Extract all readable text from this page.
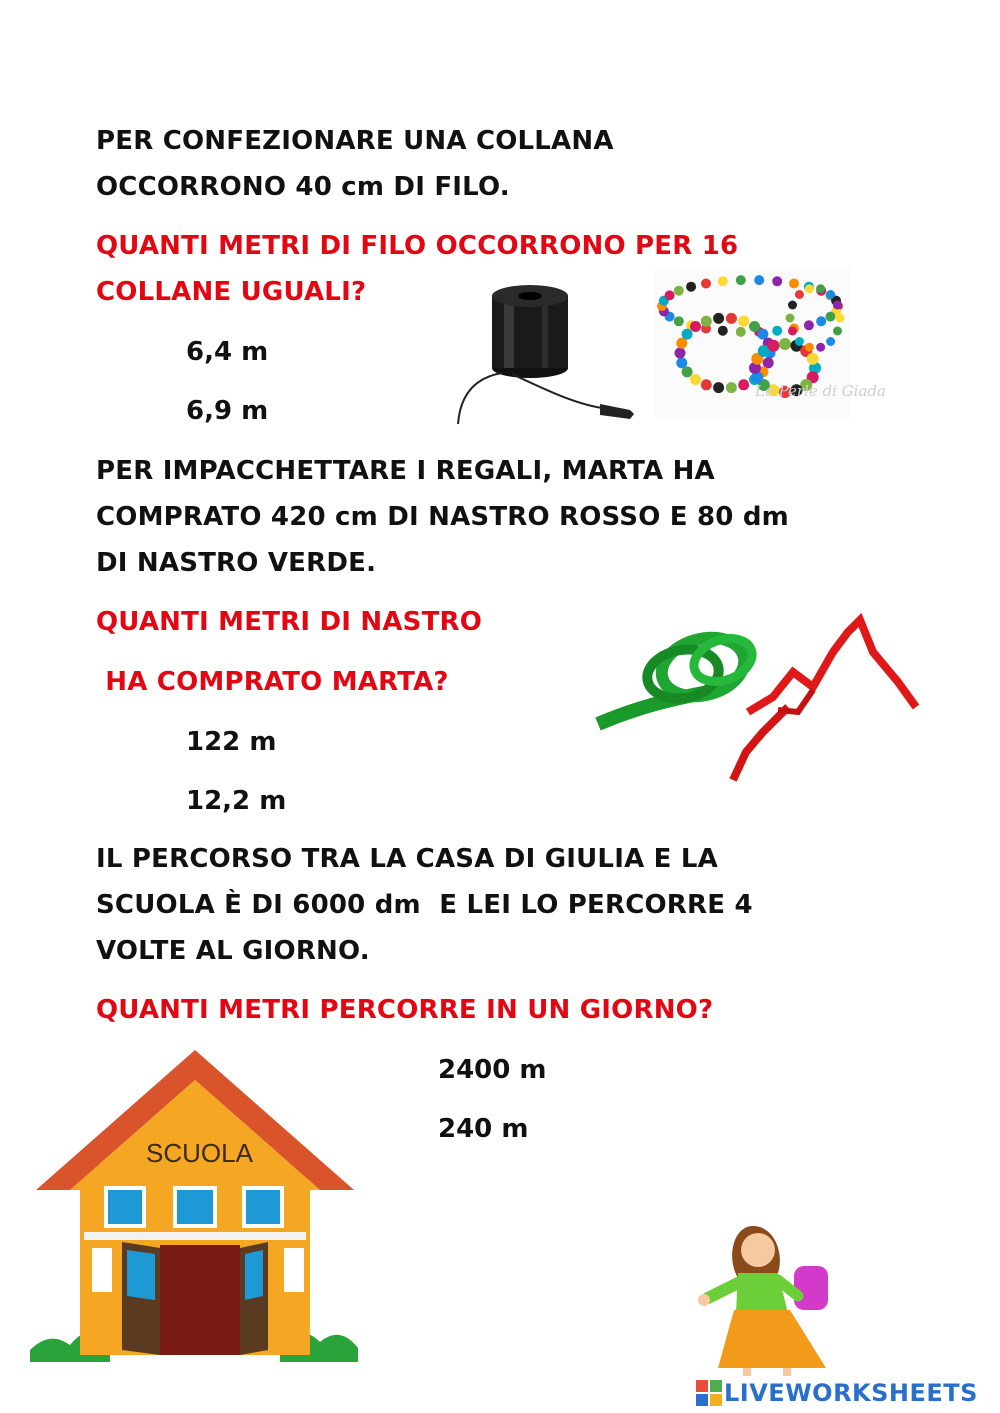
PER CONFEZIONARE UNA COLLANA
OCCORRONO 40 cm DI FILO.
QUANTI METRI DI FILO OCCORRONO PER 16
COLLANE UGUALI?
6,4 m
6,9 m
Le Perle di Giada
PER IMPACCHETTARE I REGALI, MARTA HA
COMPRATO 420 cm DI NASTRO ROSSO E 80 dm
DI NASTRO VERDE.
QUANTI METRI DI NASTRO
HA COMPRATO MARTA?
122 m
12,2 m
IL PERCORSO TRA LA CASA DI GIULIA E LA
SCUOLA È DI 6000 dm  E LEI LO PERCORRE 4
VOLTE AL GIORNO.
QUANTI METRI PERCORRE IN UN GIORNO?
2400 m
240 m
SCUOLA
LIVEWORKSHEETS
